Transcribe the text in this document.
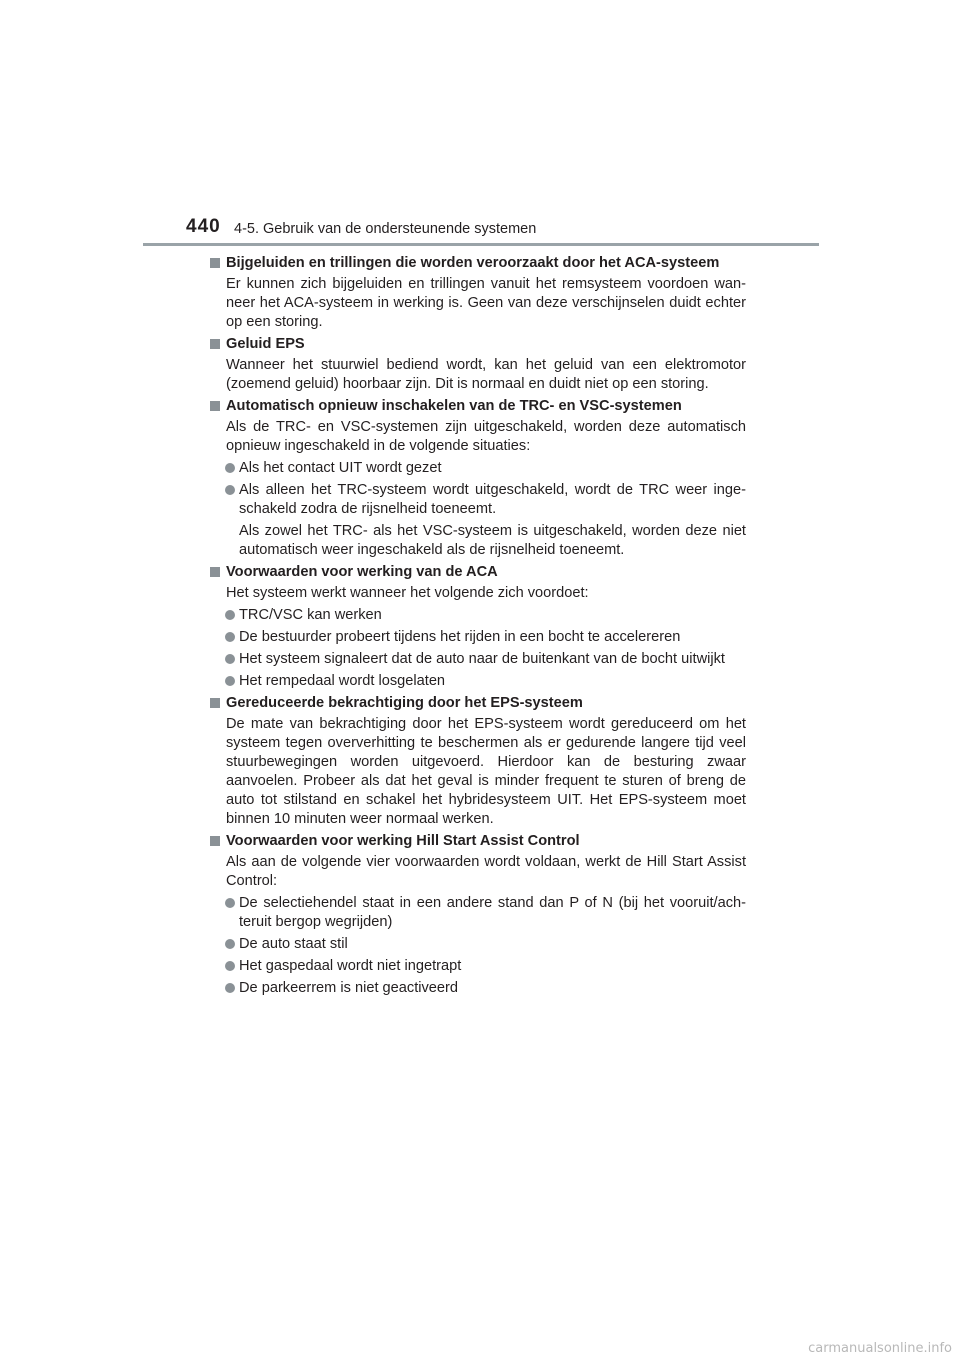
440 4-5. Gebruik van de ondersteunende systemen
Bijgeluiden en trillingen die worden veroorzaakt door het ACA-systeem
Er kunnen zich bijgeluiden en trillingen vanuit het remsysteem voordoen wan- neer het ACA-systeem in werking is. Geen van deze verschijnselen duidt echter op een storing.
Geluid EPS
Wanneer het stuurwiel bediend wordt, kan het geluid van een elektromotor (zoemend geluid) hoorbaar zijn. Dit is normaal en duidt niet op een storing.
Automatisch opnieuw inschakelen van de TRC- en VSC-systemen
Als de TRC- en VSC-systemen zijn uitgeschakeld, worden deze automatisch opnieuw ingeschakeld in de volgende situaties:
Als het contact UIT wordt gezet
Als alleen het TRC-systeem wordt uitgeschakeld, wordt de TRC weer inge- schakeld zodra de rijsnelheid toeneemt.
Als zowel het TRC- als het VSC-systeem is uitgeschakeld, worden deze niet automatisch weer ingeschakeld als de rijsnelheid toeneemt.
Voorwaarden voor werking van de ACA
Het systeem werkt wanneer het volgende zich voordoet:
TRC/VSC kan werken
De bestuurder probeert tijdens het rijden in een bocht te accelereren
Het systeem signaleert dat de auto naar de buitenkant van de bocht uitwijkt
Het rempedaal wordt losgelaten
Gereduceerde bekrachtiging door het EPS-systeem
De mate van bekrachtiging door het EPS-systeem wordt gereduceerd om het systeem tegen oververhitting te beschermen als er gedurende langere tijd veel stuurbewegingen worden uitgevoerd. Hierdoor kan de besturing zwaar aanvoelen. Probeer als dat het geval is minder frequent te sturen of breng de auto tot stilstand en schakel het hybridesysteem UIT. Het EPS-systeem moet binnen 10 minuten weer normaal werken.
Voorwaarden voor werking Hill Start Assist Control
Als aan de volgende vier voorwaarden wordt voldaan, werkt de Hill Start Assist Control:
De selectiehendel staat in een andere stand dan P of N (bij het vooruit/ach- teruit bergop wegrijden)
De auto staat stil
Het gaspedaal wordt niet ingetrapt
De parkeerrem is niet geactiveerd
carmanualsonline.info
